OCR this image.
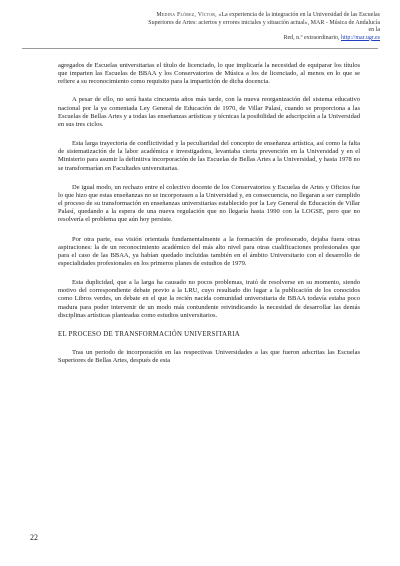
Medina Flórez, Víctor, «La experiencia de la integración en la Universidad de las Escuelas
Superiores de Artes: aciertos y errores iniciales y situación actual», MAR - Música de Andalucía en la
Red, n.º extraordinario, http://mar.ugr.es

agregados de Escuelas universitarias el título de licenciado, lo que implicaría la necesidad de equiparar los títulos que imparten las Escuelas de BBAA y los Conservatorios de Música a los de licenciado, al menos en lo que se refiere a su reconocimiento como requisito para la impartición de dicha docencia.

A pesar de ello, no será hasta cincuenta años más tarde, con la nueva reorganización del sistema educativo nacional por la ya comentada Ley General de Educación de 1970, de Villar Palasí, cuando se proporciona a las Escuelas de Bellas Artes y a todas las enseñanzas artísticas y técnicas la posibilidad de adscripción a la Universidad en sus tres ciclos.

Esta larga trayectoria de conflictividad y la peculiaridad del concepto de enseñanza artística, así como la falta de sistematización de la labor académica e investigadora, levantaba cierta prevención en la Universidad y en el Ministerio para asumir la definitiva incorporación de las Escuelas de Bellas Artes a la Universidad, y hasta 1978 no se transformarían en Facultades universitarias.

De igual modo, un rechazo entre el colectivo docente de los Conservatorios y Escuelas de Artes y Oficios fue lo que hizo que estas enseñanzas no se incorporasen a la Universidad y, en consecuencia, no llegaran a ser cumplido el proceso de su transformación en enseñanzas universitarias establecido por la Ley General de Educación de Villar Palasí, quedando a la espera de una nueva regulación que no llegaría hasta 1990 con la LOGSE, pero que no resolvería el problema que aún hoy persiste.

Por otra parte, esa visión orientada fundamentalmente a la formación de profesorado, dejaba fuera otras aspiraciones: la de un reconocimiento académico del más alto nivel para otras cualificaciones profesionales que para el caso de las BBAA, ya habían quedado incluidas también en el ámbito Universitario con el desarrollo de especialidades profesionales en los primeros planes de estudios de 1979.

Esta duplicidad, que a la larga ha causado no pocos problemas, trató de resolverse en su momento, siendo motivo del correspondiente debate previo a la LRU, cuyo resultado dio lugar a la publicación de los conocidos como Libros verdes, un debate en el que la recién nacida comunidad universitaria de BBAA todavía estaba poco madura para poder intervenir de un modo más contundente reivindicando la necesidad de desarrollar las demás disciplinas artísticas planteadas como estudios universitarios.

EL PROCESO DE TRANSFORMACIÓN UNIVERSITARIA

Tras un periodo de incorporación en las respectivas Universidades a las que fueron adscritas las Escuelas Superiores de Bellas Artes, después de esta

22
